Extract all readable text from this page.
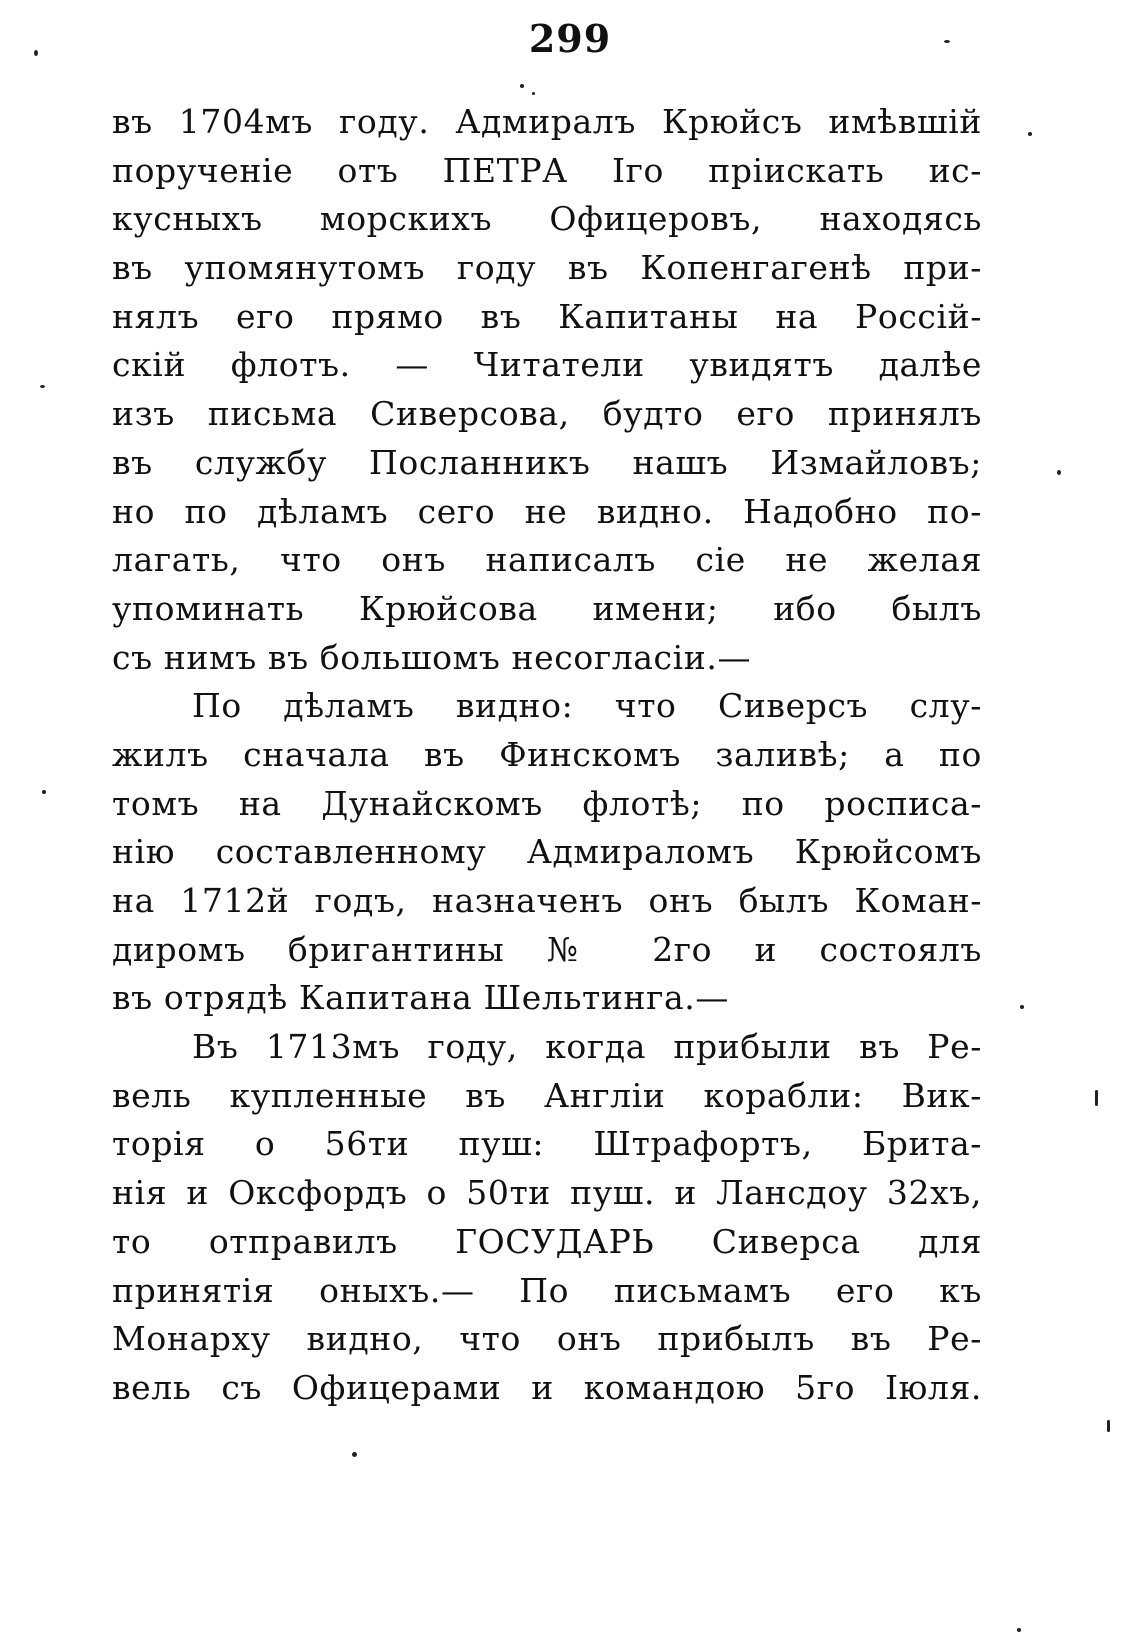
299
въ 1704мъ году. Адмиралъ Крюйсъ имѣвшій
порученіе отъ ПЕТРА Iго пріискать ис-
кусныхъ морскихъ Офицеровъ, находясь
въ упомянутомъ году въ Копенгагенѣ при-
нялъ его прямо въ Капитаны на Россій-
скій флотъ. — Читатели увидятъ далѣе
изъ письма Сиверсова, будто его принялъ
въ службу Посланникъ нашъ Измайловъ;
но по дѣламъ сего не видно. Надобно по-
лагать, что онъ написалъ сіе не желая
упоминать Крюйсова имени; ибо былъ
съ нимъ въ большомъ несогласіи.—
По дѣламъ видно: что Сиверсъ слу-
жилъ сначала въ Финскомъ заливѣ; а по
томъ на Дунайскомъ флотѣ; по росписа-
нію составленному Адмираломъ Крюйсомъ
на 1712й годъ, назначенъ онъ былъ Коман-
диромъ бригантины № 2го и состоялъ
въ отрядѣ Капитана Шельтинга.—
Въ 1713мъ году, когда прибыли въ Ре-
вель купленные въ Англіи корабли: Вик-
торія о 56ти пуш: Штрафортъ, Брита-
нія и Оксфордъ о 50ти пуш. и Лансдоу 32хъ,
то отправилъ ГОСУДАРЬ Сиверса для
принятія оныхъ.— По письмамъ его къ
Монарху видно, что онъ прибылъ въ Ре-
вель съ Офицерами и командою 5го Іюля.
